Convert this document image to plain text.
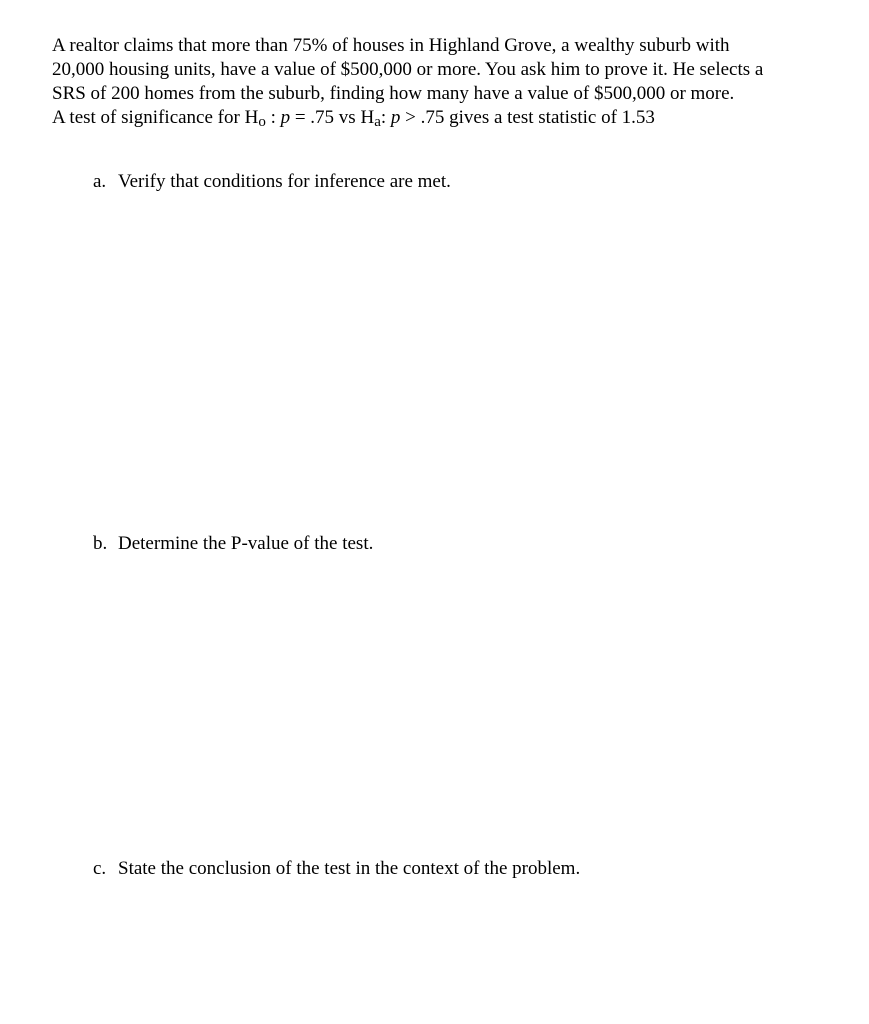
A realtor claims that more than 75% of houses in Highland Grove, a wealthy suburb with
20,000 housing units, have a value of $500,000 or more. You ask him to prove it. He selects a
SRS of 200 homes from the suburb, finding how many have a value of $500,000 or more.
A test of significance for Ho : p = .75 vs Ha: p > .75 gives a test statistic of 1.53
a. Verify that conditions for inference are met.
b. Determine the P-value of the test.
c. State the conclusion of the test in the context of the problem.
